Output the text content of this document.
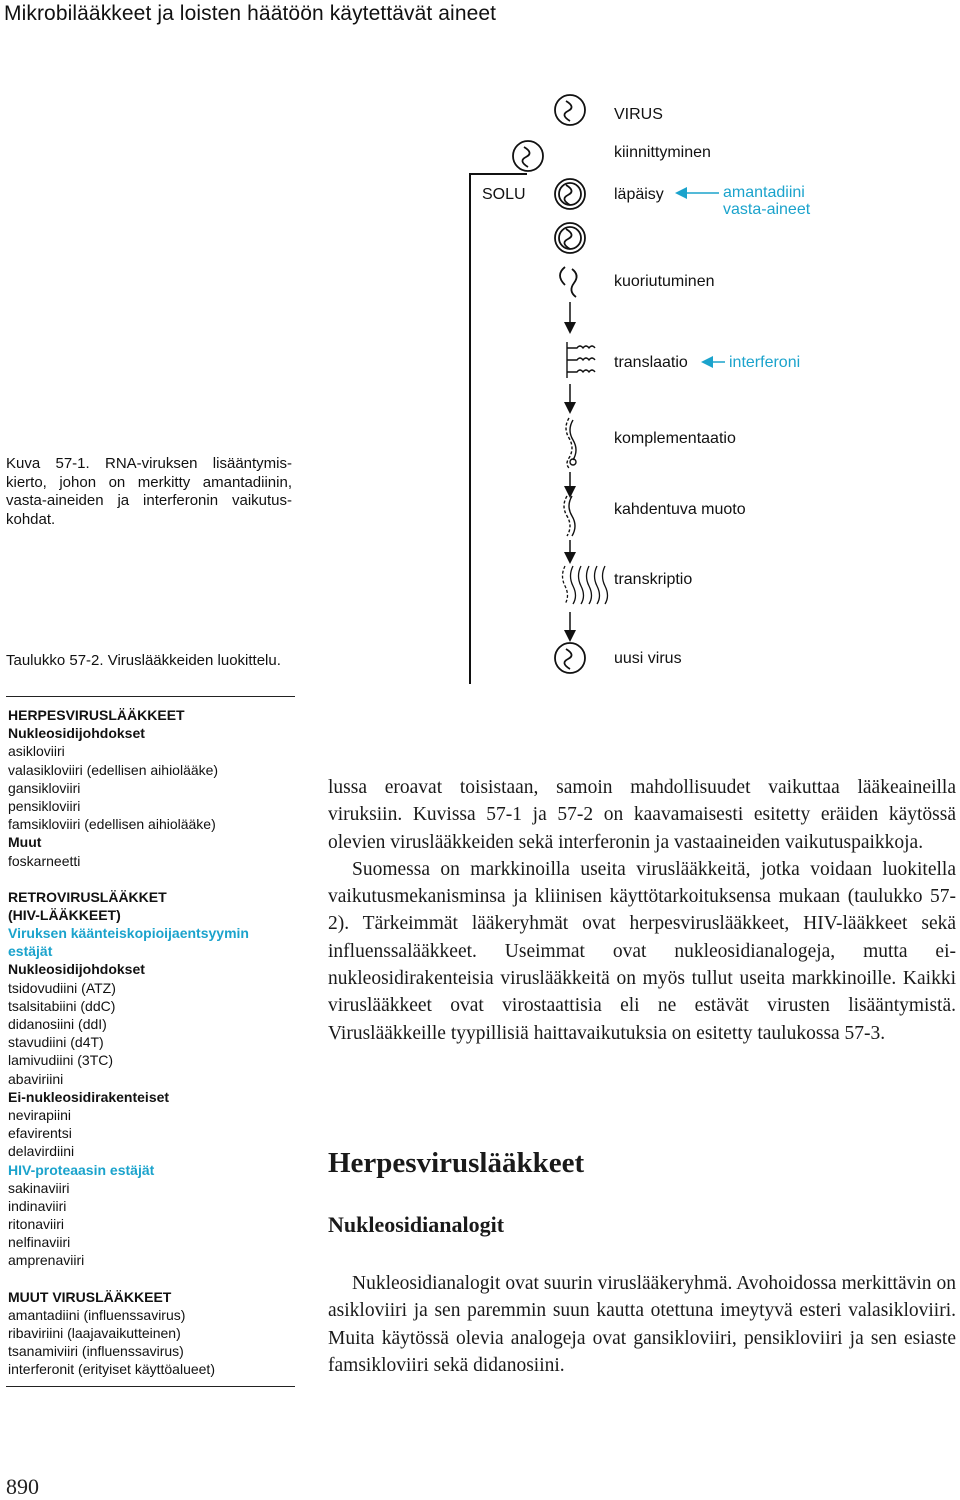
Mikrobilääkkeet ja loisten häätöön käytettävät aineet
Kuva 57-1. RNA-viruksen lisääntymis-kierto, johon on merkitty amantadiinin, vasta-aineiden ja interferonin vaikutus-kohdat.
VIRUS
kiinnittyminen
SOLU	läpäisy	amantadiini
vasta-aineet
kuoriutuminen
translaatio	interferoni
komplementaatio
kahdentuva muoto
transkriptio
uusi virus
Taulukko 57-2. Viruslääkkeiden luokittelu.
HERPESVIRUSLÄÄKKEET
Nukleosidijohdokset
asikloviiri
valasikloviiri (edellisen aihiolääke)
gansikloviiri
pensikloviiri
famsikloviiri (edellisen aihiolääke)
Muut
foskarneetti
RETROVIRUSLÄÄKKET
(HIV-LÄÄKKEET)
Viruksen käänteiskopioijaentsyymin
estäjät
Nukleosidijohdokset
tsidovudiini (ATZ)
tsalsitabiini (ddC)
didanosiini (ddI)
stavudiini (d4T)
lamivudiini (3TC)
abaviriini
Ei-nukleosidirakenteiset
nevirapiini
efavirentsi
delavirdiini
HIV-proteaasin estäjät
sakinaviiri
indinaviiri
ritonaviiri
nelfinaviiri
amprenaviiri
MUUT VIRUSLÄÄKKEET
amantadiini (influenssavirus)
ribaviriini (laajavaikutteinen)
tsanamiviiri (influenssavirus)
interferonit (erityiset käyttöalueet)

lussa eroavat toisistaan, samoin mahdollisuudet vaikuttaa lääkeaineilla viruksiin. Kuvissa 57-1 ja 57-2 on kaavamaisesti esitetty eräiden käytössä olevien viruslääkkeiden sekä interferonin ja vastaaineiden vaikutuspaikkoja.

Suomessa on markkinoilla useita viruslääkkeitä, jotka voidaan luokitella vaikutusmekanisminsa ja kliinisen käyttötarkoituksensa mukaan (taulukko 57-2). Tärkeimmät lääkeryhmät ovat herpesviruslääkkeet, HIV-lääkkeet sekä influenssalääkkeet. Useimmat ovat nukleosidianalogeja, mutta ei-nukleosidirakenteisia viruslääkkeitä on myös tullut useita markkinoille. Kaikki viruslääkkeet ovat virostaattisia eli ne estävät virusten lisääntymistä. Viruslääkkeille tyypillisiä haittavaikutuksia on esitetty taulukossa 57-3.

Herpesviruslääkkeet
Nukleosidianalogit

Nukleosidianalogit ovat suurin viruslääkeryhmä. Avohoidossa merkittävin on asikloviiri ja sen paremmin suun kautta otettuna imeytyvä esteri valasikloviiri. Muita käytössä olevia analogeja ovat gansikloviiri, pensikloviiri ja sen esiaste famsikloviiri sekä didanosiini.

890
